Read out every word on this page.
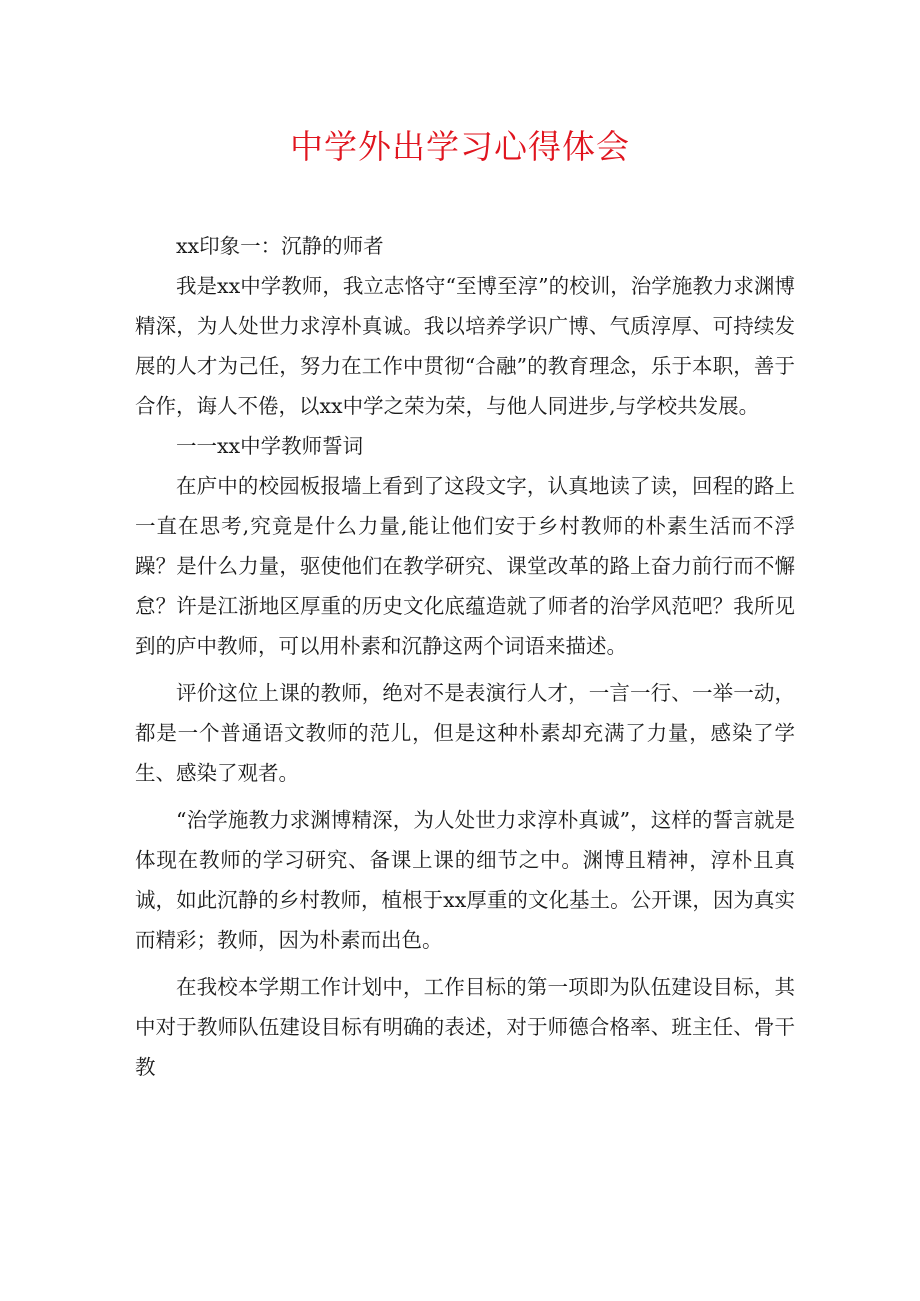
中学外出学习心得体会

xx印象一：沉静的师者

我是xx中学教师，我立志恪守“至博至淳”的校训，治学施教力求渊博精深，为人处世力求淳朴真诚。我以培养学识广博、气质淳厚、可持续发展的人才为己任，努力在工作中贯彻“合融”的教育理念，乐于本职，善于合作，诲人不倦，以xx中学之荣为荣，与他人同进步,与学校共发展。

一一xx中学教师誓词

在庐中的校园板报墙上看到了这段文字，认真地读了读，回程的路上一直在思考,究竟是什么力量,能让他们安于乡村教师的朴素生活而不浮躁？是什么力量，驱使他们在教学研究、课堂改革的路上奋力前行而不懈怠？许是江浙地区厚重的历史文化底蕴造就了师者的治学风范吧？我所见到的庐中教师，可以用朴素和沉静这两个词语来描述。

评价这位上课的教师，绝对不是表演行人才，一言一行、一举一动，都是一个普通语文教师的范儿，但是这种朴素却充满了力量，感染了学生、感染了观者。

“治学施教力求渊博精深，为人处世力求淳朴真诚”，这样的誓言就是体现在教师的学习研究、备课上课的细节之中。渊博且精神，淳朴且真诚，如此沉静的乡村教师，植根于xx厚重的文化基土。公开课，因为真实而精彩；教师，因为朴素而出色。

在我校本学期工作计划中，工作目标的第一项即为队伍建设目标，其中对于教师队伍建设目标有明确的表述，对于师德合格率、班主任、骨干教
